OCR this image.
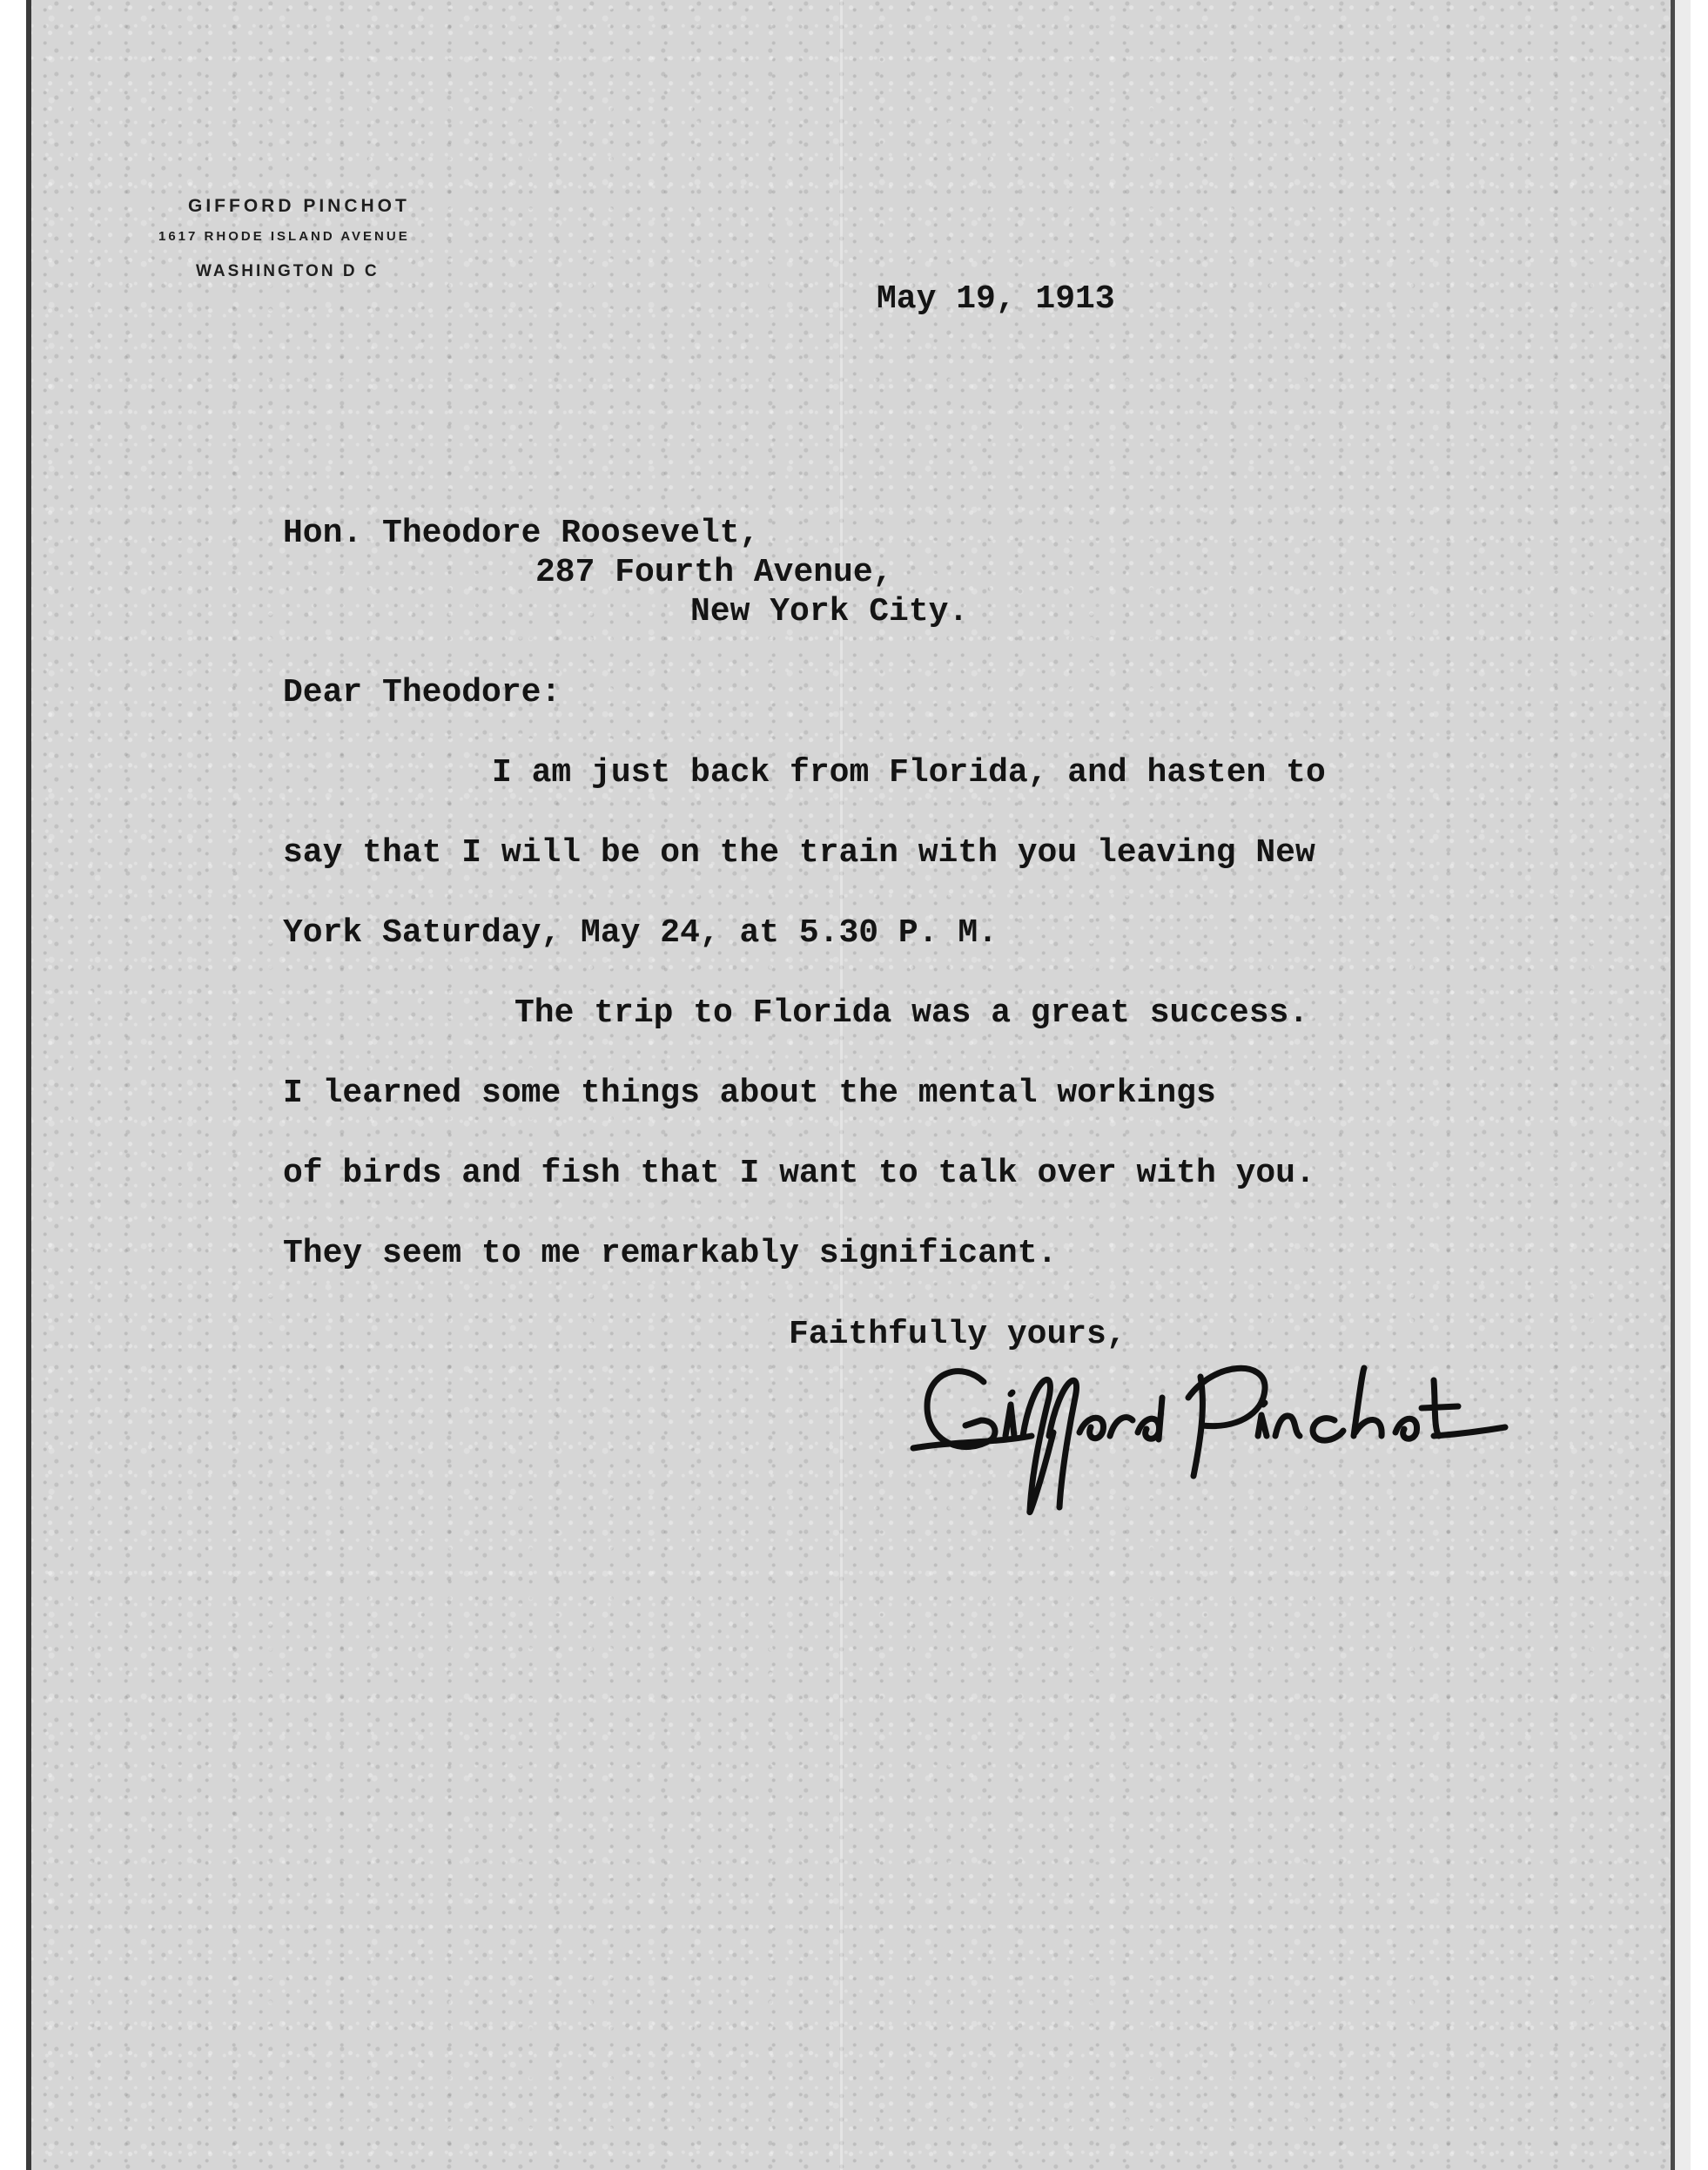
GIFFORD PINCHOT
1617 RHODE ISLAND AVENUE
WASHINGTON D C
May 19, 1913
Hon. Theodore Roosevelt,
287 Fourth Avenue,
New York City.
Dear Theodore:
I am just back from Florida, and hasten to
say that I will be on the train with you leaving New
York Saturday, May 24, at 5.30 P. M.
The trip to Florida was a great success.
I learned some things about the mental workings
of birds and fish that I want to talk over with you.
They seem to me remarkably significant.
Faithfully yours,
